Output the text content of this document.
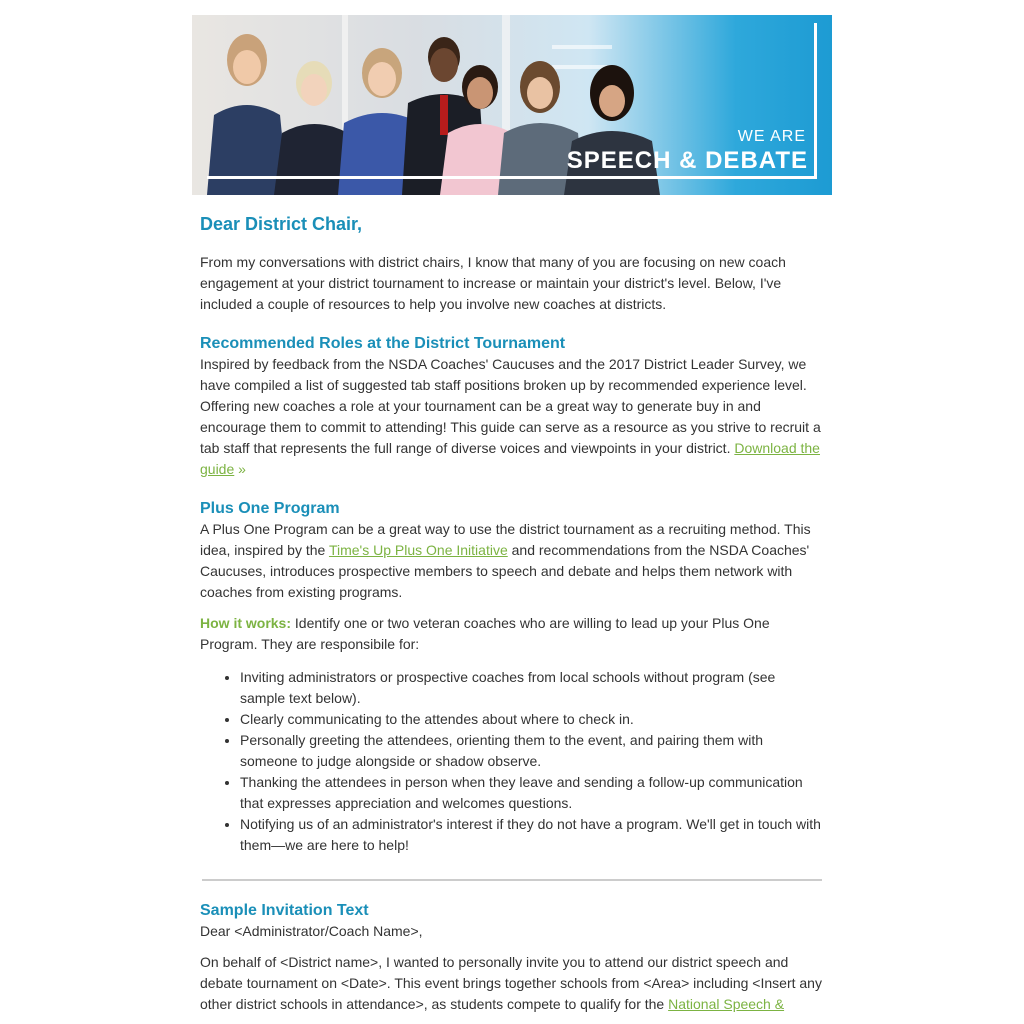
WE ARE
SPEECH & DEBATE
Dear District Chair,

From my conversations with district chairs, I know that many of you are focusing on new coach engagement at your district tournament to increase or maintain your district's level. Below, I've included a couple of resources to help you involve new coaches at districts.

Recommended Roles at the District Tournament

Inspired by feedback from the NSDA Coaches' Caucuses and the 2017 District Leader Survey, we have compiled a list of suggested tab staff positions broken up by recommended experience level. Offering new coaches a role at your tournament can be a great way to generate buy in and encourage them to commit to attending! This guide can serve as a resource as you strive to recruit a tab staff that represents the full range of diverse voices and viewpoints in your district. Download the guide »

Plus One Program

A Plus One Program can be a great way to use the district tournament as a recruiting method. This idea, inspired by the Time's Up Plus One Initiative and recommendations from the NSDA Coaches' Caucuses, introduces prospective members to speech and debate and helps them network with coaches from existing programs.

How it works: Identify one or two veteran coaches who are willing to lead up your Plus One Program. They are responsibile for:

• Inviting administrators or prospective coaches from local schools without program (see sample text below).
• Clearly communicating to the attendes about where to check in.
• Personally greeting the attendees, orienting them to the event, and pairing them with someone to judge alongside or shadow observe.
• Thanking the attendees in person when they leave and sending a follow-up communication that expresses appreciation and welcomes questions.
• Notifying us of an administrator's interest if they do not have a program. We'll get in touch with them—we are here to help!
Sample Invitation Text

Dear <Administrator/Coach Name>,

On behalf of <District name>, I wanted to personally invite you to attend our district speech and debate tournament on <Date>. This event brings together schools from <Area> including <Insert any other district schools in attendance>, as students compete to qualify for the National Speech &
